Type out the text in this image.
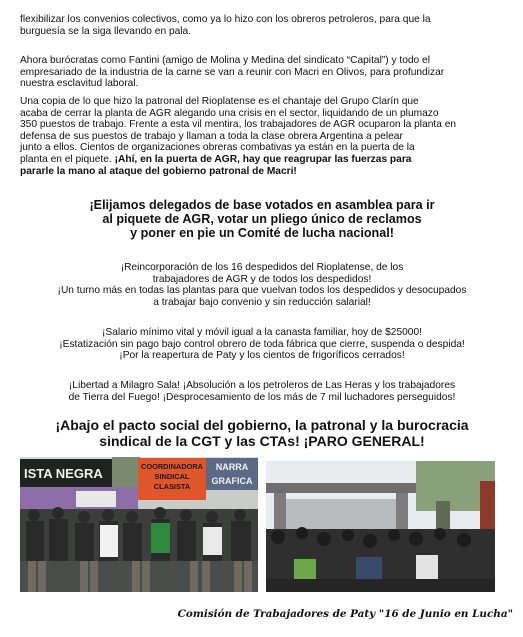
flexibilizar los convenios colectivos, como ya lo hizo con los obreros petroleros, para que la
burguesía se la siga llevando en pala.

Ahora burócratas como Fantini (amigo de Molina y Medina del sindicato “Capital”) y todo el
empresariado de la industria de la carne se van a reunir con Macri en Olivos, para profundizar
nuestra esclavitud laboral.

Una copia de lo que hizo la patronal del Rioplatense es el chantaje del Grupo Clarín que
acaba de cerrar la planta de AGR alegando una crisis en el sector, liquidando de un plumazo
350 puestos de trabajo. Frente a esta vil mentira, los trabajadores de AGR ocuparon la planta en
defensa de sus puestos de trabajo y llaman a toda la clase obrera Argentina a pelear
junto a ellos. Cientos de organizaciones obreras combativas ya están en la puerta de la
planta en el piquete. ¡Ahí, en la puerta de AGR, hay que reagrupar las fuerzas para
pararle la mano al ataque del gobierno patronal de Macri!

¡Elijamos delegados de base votados en asamblea para ir
al piquete de AGR, votar un pliego único de reclamos
y poner en pie un Comité de lucha nacional!

¡Reincorporación de los 16 despedidos del Rioplatense, de los
trabajadores de AGR y de todos los despedidos!
¡Un turno más en todas las plantas para que vuelvan todos los despedidos y desocupados
a trabajar bajo convenio y sin reducción salarial!

¡Salario mínimo vital y móvil igual a la canasta familiar, hoy de $25000!
¡Estatización sin pago bajo control obrero de toda fábrica que cierre, suspenda o despida!
¡Por la reapertura de Paty y los cientos de frigoríficos cerrados!

¡Libertad a Milagro Sala! ¡Absolución a los petroleros de Las Heras y los trabajadores
de Tierra del Fuego! ¡Desprocesamiento de los más de 7 mil luchadores perseguidos!

¡Abajo el pacto social del gobierno, la patronal y la burocracia
sindical de la CGT y las CTAs! ¡PARO GENERAL!

ISTA NEGRA	COORDINADORA
SINDICAL
CLASISTA
NARRA
GRAFICA
Comisión de Trabajadores de Paty "16 de Junio en Lucha"
